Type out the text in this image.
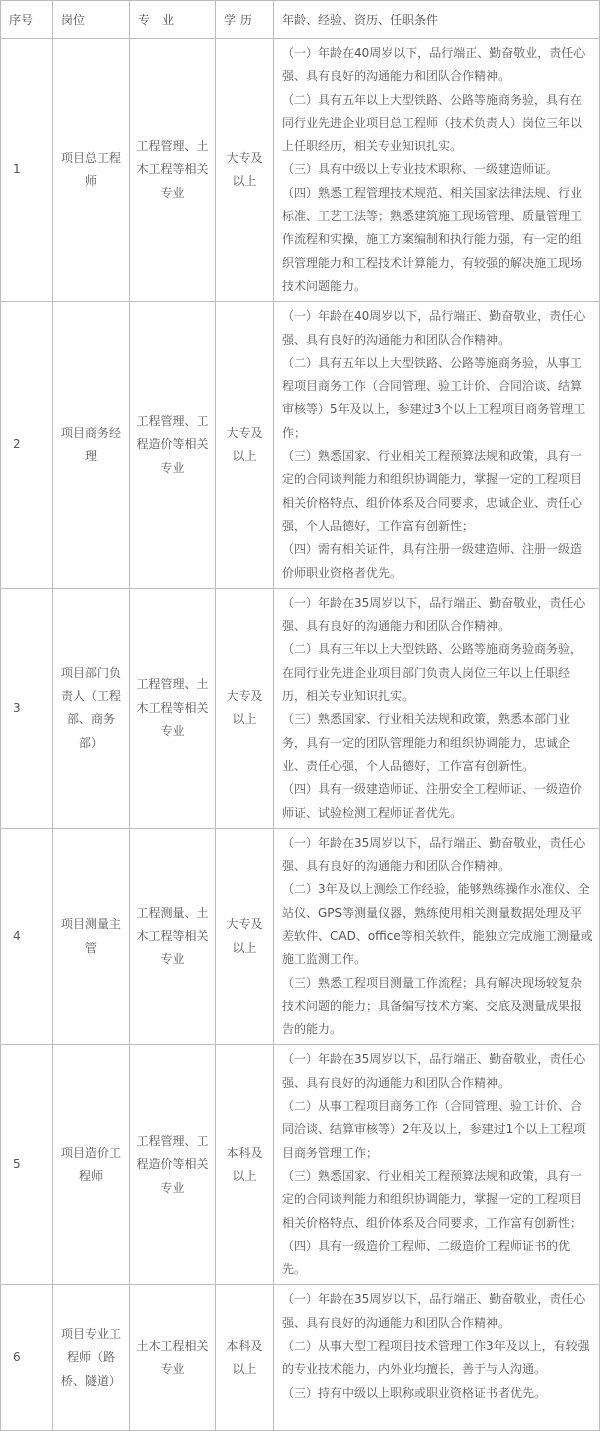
序号	岗位	专　业	学 历	年龄、经验、资历、任职条件
1	项目总工程师	工程管理、土木工程等相关专业	大专及以上	（一）年龄在40周岁以下，品行端正、勤奋敬业，责任心强、具有良好的沟通能力和团队合作精神。

（二）具有五年以上大型铁路、公路等施商务验，具有在同行业先进企业项目总工程师（技术负责人）岗位三年以上任职经历，相关专业知识扎实。

（三）具有中级以上专业技术职称、一级建造师证。

（四）熟悉工程管理技术规范、相关国家法律法规、行业标准、工艺工法等；熟悉建筑施工现场管理、质量管理工作流程和实操，施工方案编制和执行能力强，有一定的组织管理能力和工程技术计算能力，有较强的解决施工现场技术问题能力。

2	项目商务经理	工程管理、工程造价等相关专业	大专及以上	（一）年龄在40周岁以下，品行端正、勤奋敬业，责任心强、具有良好的沟通能力和团队合作精神。

（二）具有五年以上大型铁路、公路等施商务验，从事工程项目商务工作（合同管理、验工计价、合同洽谈、结算审核等）5年及以上，参建过3个以上工程项目商务管理工作；

（三）熟悉国家、行业相关工程预算法规和政策，具有一定的合同谈判能力和组织协调能力，掌握一定的工程项目相关价格特点、组价体系及合同要求，忠诚企业、责任心强，个人品德好，工作富有创新性；

（四）需有相关证件，具有注册一级建造师、注册一级造价师职业资格者优先。

3	项目部门负责人（工程部、商务部）	工程管理、土木工程等相关专业	大专及以上	（一）年龄在35周岁以下，品行端正、勤奋敬业，责任心强、具有良好的沟通能力和团队合作精神。

（二）具有三年以上大型铁路、公路等施商务验商务验，在同行业先进企业项目部门负责人岗位三年以上任职经历，相关专业知识扎实。

（三）熟悉国家、行业相关法规和政策，熟悉本部门业务，具有一定的团队管理能力和组织协调能力，忠诚企业、责任心强，个人品德好，工作富有创新性。

（四）具有一级建造师证、注册安全工程师证、一级造价师证、试验检测工程师证者优先。

4	项目测量主管	工程测量、土木工程等相关专业	大专及以上	（一）年龄在35周岁以下，品行端正、勤奋敬业，责任心强、具有良好的沟通能力和团队合作精神。

（二）3年及以上测绘工作经验，能够熟练操作水准仪、全站仪、GPS等测量仪器，熟练使用相关测量数据处理及平差软件、CAD、office等相关软件，能独立完成施工测量或施工监测工作。

（三）熟悉工程项目测量工作流程；具有解决现场较复杂技术问题的能力；具备编写技术方案、交底及测量成果报告的能力。

5	项目造价工程师	工程管理、工程造价等相关专业	本科及以上	（一）年龄在35周岁以下，品行端正、勤奋敬业，责任心强、具有良好的沟通能力和团队合作精神。

（二）从事工程项目商务工作（合同管理、验工计价、合同洽谈、结算审核等）2年及以上，参建过1个以上工程项目商务管理工作；

（三）熟悉国家、行业相关工程预算法规和政策，具有一定的合同谈判能力和组织协调能力，掌握一定的工程项目相关价格特点、组价体系及合同要求，工作富有创新性；

（四）具有一级造价工程师、二级造价工程师证书的优先。

6	项目专业工程师（路桥、隧道）	土木工程相关专业	本科及以上	（一）年龄在35周岁以下，品行端正、勤奋敬业，责任心强、具有良好的沟通能力和团队合作精神。

（二）从事大型工程项目技术管理工作3年及以上，有较强的专业技术能力，内外业均擅长，善于与人沟通。

（三）持有中级以上职称或职业资格证书者优先。
